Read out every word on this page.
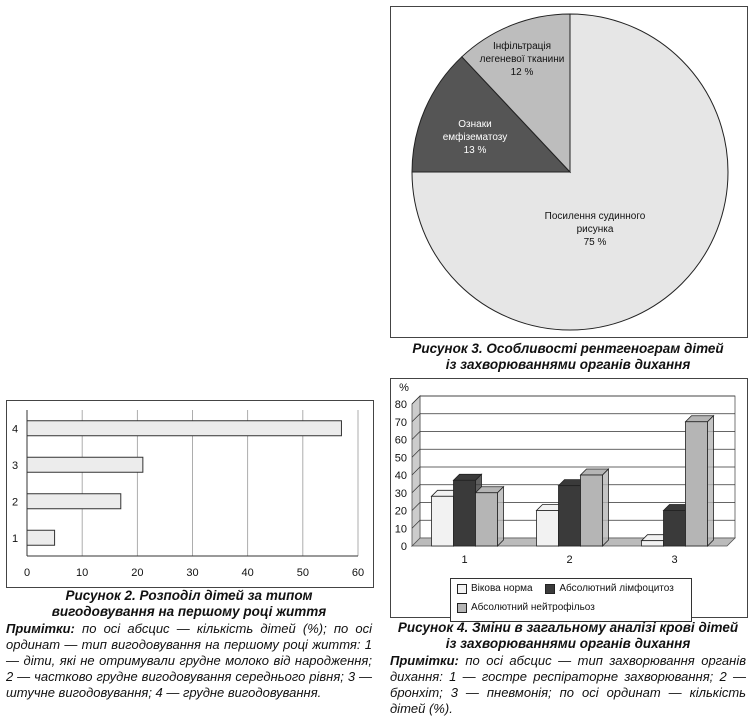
Посилення судинного
рисунка
75 %
Ознаки
емфізематозу
13 %
Інфільтрація
легеневої тканини
12 %
Рисунок 3. Особливості рентгенограм дітей
із захворюваннями органів дихання
0	10	20	30	40	50	60
1
2
3
4
Рисунок 2. Розподіл дітей за типом
вигодовування на першому році життя
Примітки: по осі абсцис — кількість дітей (%); по осі ординат — тип вигодовування на першому році життя: 1 — діти, які не отримували грудне молоко від народження; 2 — частково грудне вигодовування середнього рівня; 3 — штучне вигодовування; 4 — грудне вигодовування.
0
10
20
30
40
50
60
70
80
%
1	2	3
Вікова норма
	Абсолютний лімфоцитоз

Абсолютний нейтрофільоз
Рисунок 4. Зміни в загальному аналізі крові дітей
із захворюваннями органів дихання
Примітки: по осі абсцис — тип захворювання органів дихання: 1 — гостре респіраторне захворювання; 2 — бронхіт; 3 — пневмонія; по осі ординат — кількість дітей (%).
